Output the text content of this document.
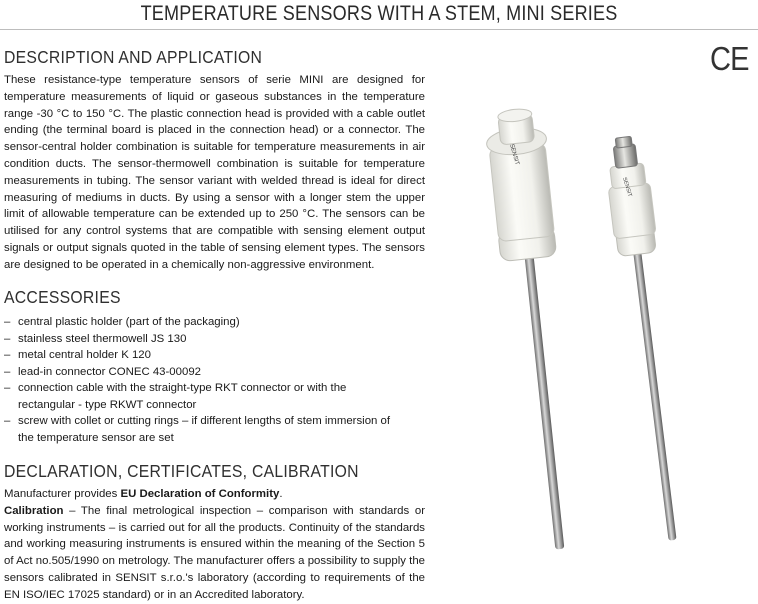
TEMPERATURE SENSORS WITH A STEM, MINI SERIES
CE
DESCRIPTION AND APPLICATION
These resistance-type temperature sensors of serie MINI are designed for temperature measurements of liquid or gaseous substances in the temperature range -30 °C to 150 °C. The plastic connection head is provided with a cable outlet ending (the terminal board is placed in the connection head) or a connector. The sensor-central holder combination is suitable for temperature measurements in air condition ducts. The sensor-thermowell combination is suitable for temperature measurements in tubing. The sensor variant with welded thread is ideal for direct measuring of mediums in ducts. By using a sensor with a longer stem the upper limit of allowable temperature can be extended up to 250 °C. The sensors can be utilised for any control systems that are compatible with sensing element output signals or output signals quoted in the table of sensing element types. The sensors are designed to be operated in a chemically non-aggressive environment.
ACCESSORIES
– central plastic holder (part of the packaging)
– stainless steel thermowell JS 130
– metal central holder K 120
– lead-in connector CONEC 43-00092
– connection cable with the straight-type RKT connector or with the rectangular - type RKWT connector
– screw with collet or cutting rings – if different lengths of stem immersion of the temperature sensor are set
DECLARATION, CERTIFICATES, CALIBRATION
Manufacturer provides EU Declaration of Conformity.
Calibration – The final metrological inspection – comparison with standards or working instruments – is carried out for all the products. Continuity of the standards and working measuring instruments is ensured within the meaning of the Section 5 of Act no.505/1990 on metrology. The manufacturer offers a possibility to supply the sensors calibrated in SENSIT s.r.o.'s laboratory (according to requirements of the EN ISO/IEC 17025 standard) or in an Accredited laboratory.
SENSIT
SENSIT
